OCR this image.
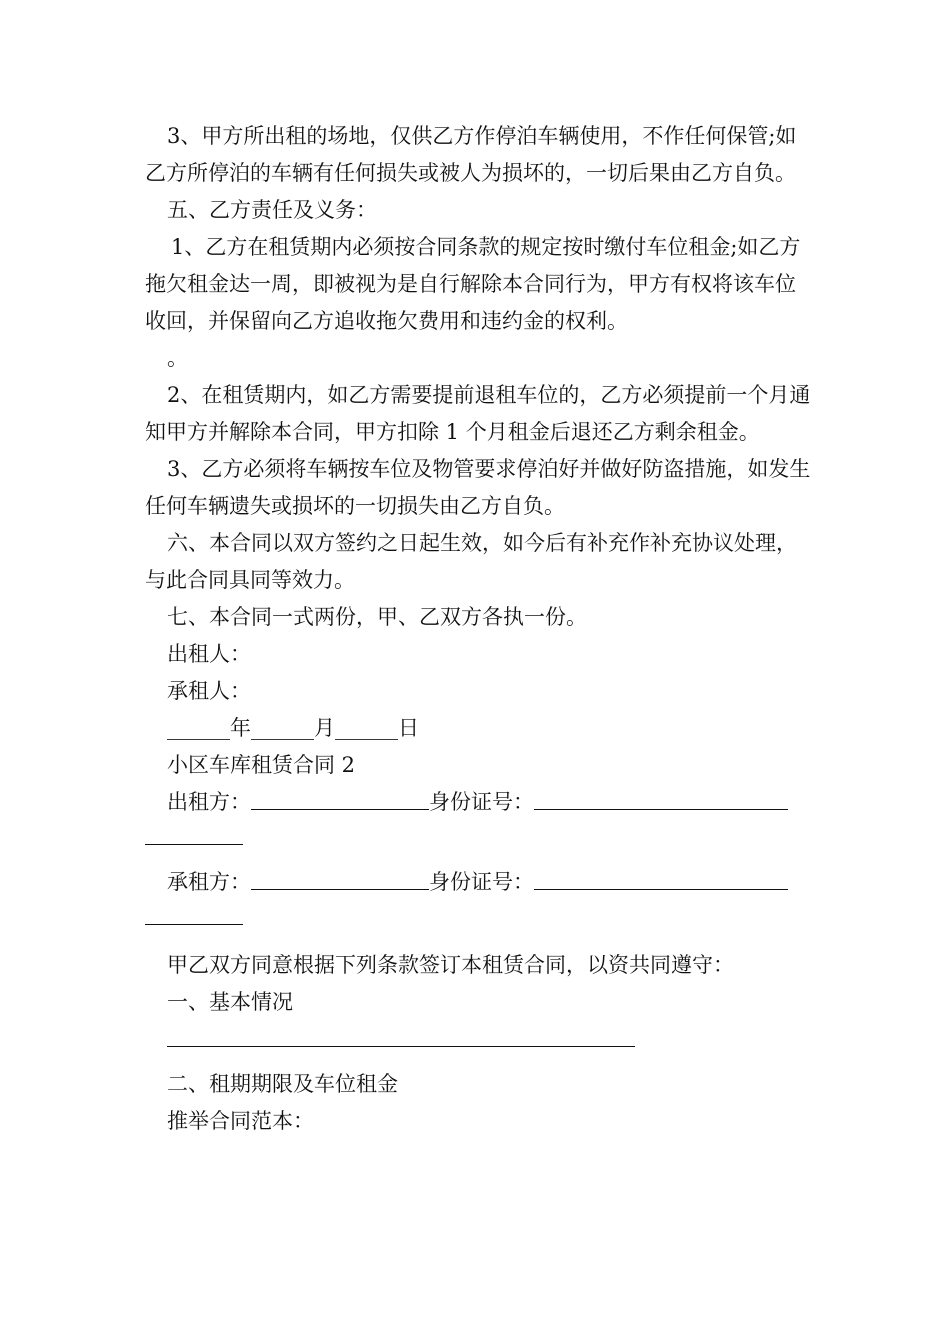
3、甲方所出租的场地，仅供乙方作停泊车辆使用，不作任何保管;如乙方所停泊的车辆有任何损失或被人为损坏的，一切后果由乙方自负。

五、乙方责任及义务：

1、乙方在租赁期内必须按合同条款的规定按时缴付车位租金;如乙方拖欠租金达一周，即被视为是自行解除本合同行为，甲方有权将该车位收回，并保留向乙方追收拖欠费用和违约金的权利。

。

2、在租赁期内，如乙方需要提前退租车位的，乙方必须提前一个月通知甲方并解除本合同，甲方扣除 1 个月租金后退还乙方剩余租金。

3、乙方必须将车辆按车位及物管要求停泊好并做好防盗措施，如发生任何车辆遗失或损坏的一切损失由乙方自负。

六、本合同以双方签约之日起生效，如今后有补充作补充协议处理，与此合同具同等效力。

七、本合同一式两份，甲、乙双方各执一份。

出租人：

承租人：

______年______月______日

小区车库租赁合同 2

出租方：	身份证号：

承租方：	身份证号：

甲乙双方同意根据下列条款签订本租赁合同，以资共同遵守：

一、基本情况

二、租期期限及车位租金

推举合同范本：
